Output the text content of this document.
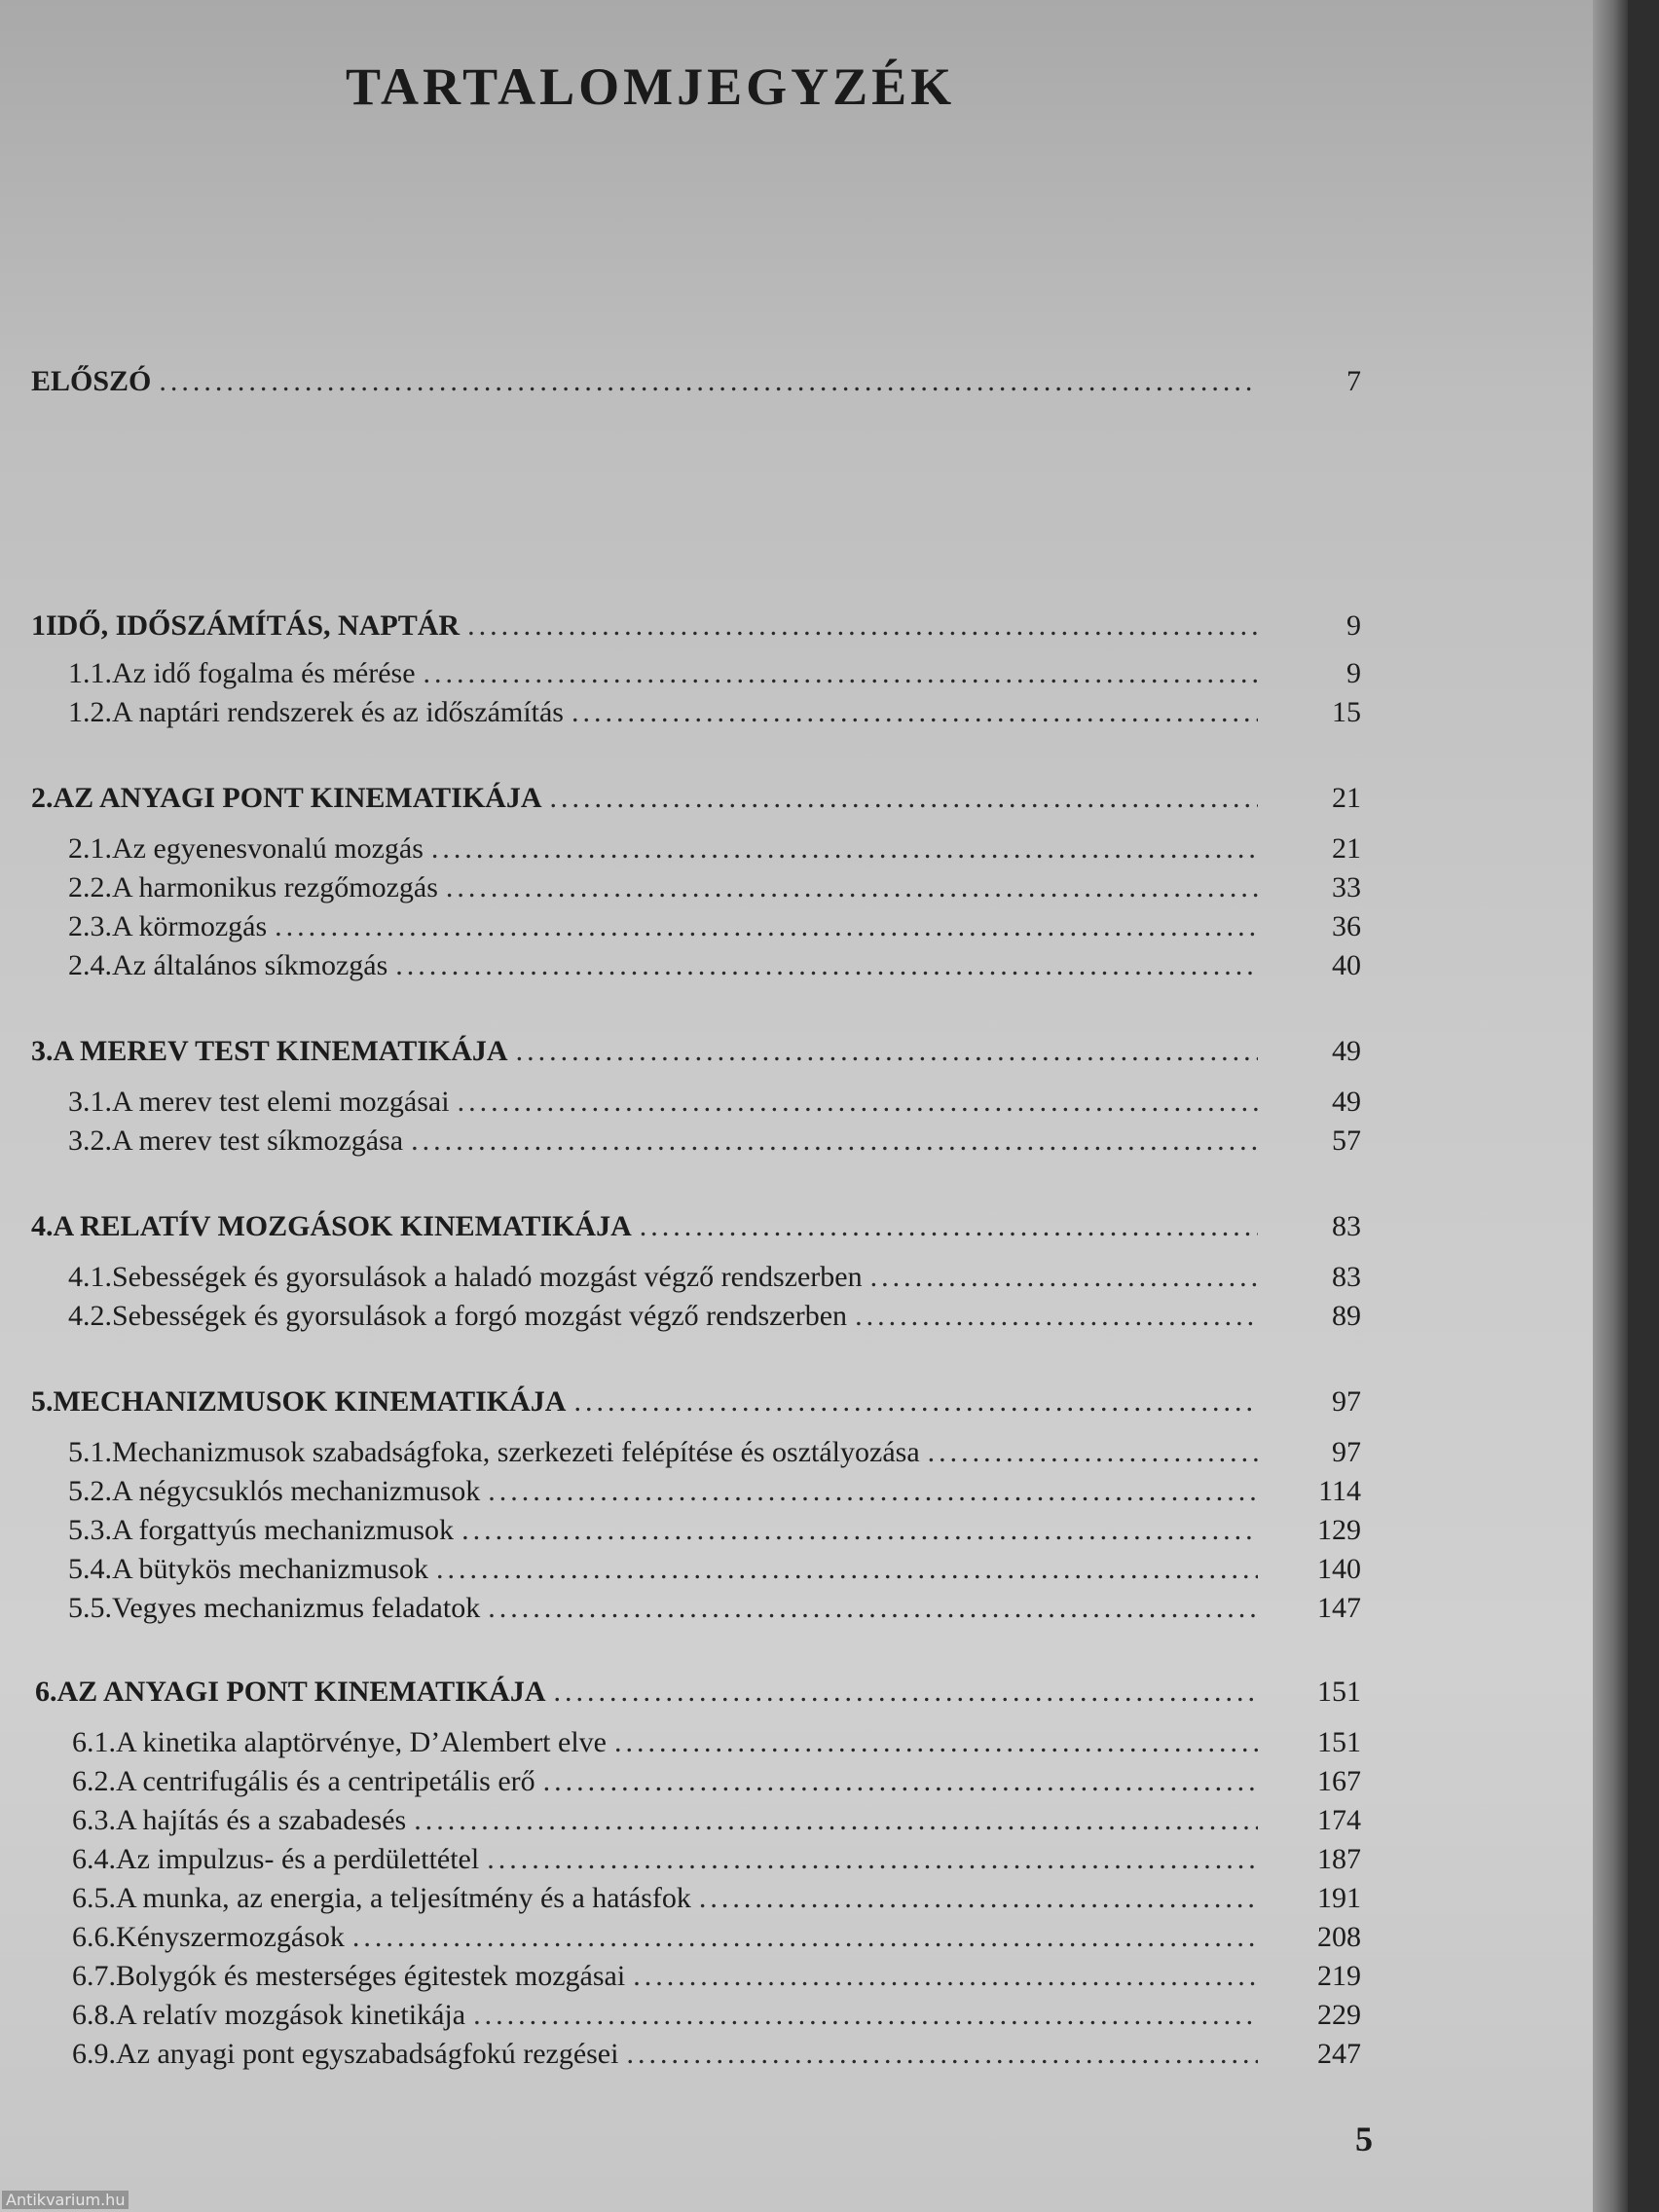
TARTALOMJEGYZÉK
ELŐSZÓ .....	7
1 IDŐ, IDŐSZÁMÍTÁS, NAPTÁR .....	9
1.1. Az idő fogalma és mérése .....	9
1.2. A naptári rendszerek és az időszámítás .....	15
2. AZ ANYAGI PONT KINEMATIKÁJA .....	21
2.1. Az egyenesvonalú mozgás .....	21
2.2. A harmonikus rezgőmozgás .....	33
2.3. A körmozgás .....	36
2.4. Az általános síkmozgás .....	40
3. A MEREV TEST KINEMATIKÁJA .....	49
3.1. A merev test elemi mozgásai .....	49
3.2. A merev test síkmozgása .....	57
4. A RELATÍV MOZGÁSOK KINEMATIKÁJA .....	83
4.1. Sebességek és gyorsulások a haladó mozgást végző rendszerben .....	83
4.2. Sebességek és gyorsulások a forgó mozgást végző rendszerben .....	89
5. MECHANIZMUSOK KINEMATIKÁJA .....	97
5.1. Mechanizmusok szabadságfoka, szerkezeti felépítése és osztályozása .....	97
5.2. A négycsuklós mechanizmusok .....	114
5.3. A forgattyús mechanizmusok .....	129
5.4. A bütykös mechanizmusok .....	140
5.5. Vegyes mechanizmus feladatok .....	147
6. AZ ANYAGI PONT KINEMATIKÁJA .....	151
6.1. A kinetika alaptörvénye, D’Alembert elve .....	151
6.2. A centrifugális és a centripetális erő .....	167
6.3. A hajítás és a szabadesés .....	174
6.4. Az impulzus- és a perdülettétel .....	187
6.5. A munka, az energia, a teljesítmény és a hatásfok .....	191
6.6. Kényszermozgások .....	208
6.7. Bolygók és mesterséges égitestek mozgásai .....	219
6.8. A relatív mozgások kinetikája .....	229
6.9. Az anyagi pont egyszabadságfokú rezgései .....	247
5
Antikvarium.hu
